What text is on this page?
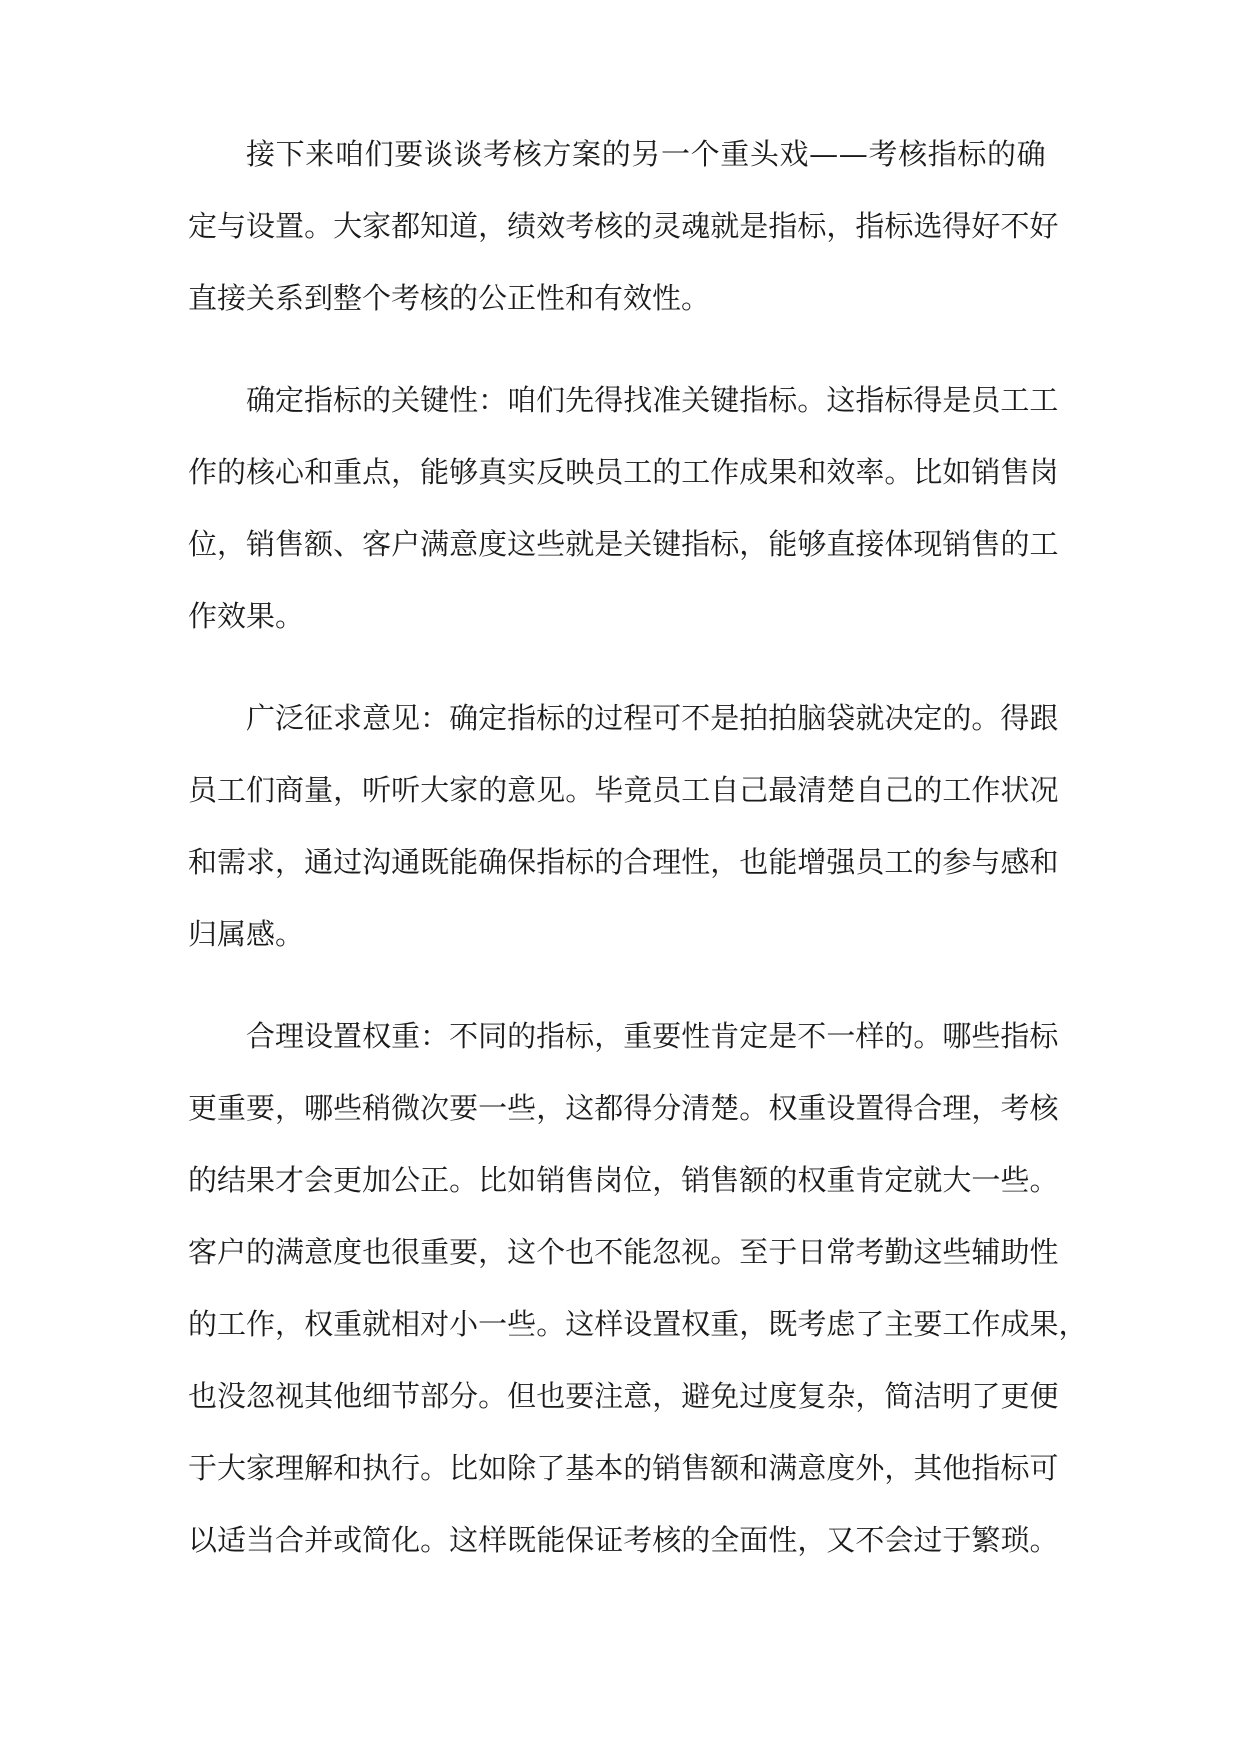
接 下 来 咱 们 要 谈 谈 考 核 方 案 的 另 一 个 重 头 戏 — — 考 核 指 标 的 确

定 与 设 置 。 大 家 都 知 道 ， 绩 效 考 核 的 灵 魂 就 是 指 标 ， 指 标 选 得 好 不 好

直接关系到整个考核的公正性和有效性。

确 定 指 标 的 关 键 性 ： 咱 们 先 得 找 准 关 键 指 标 。 这 指 标 得 是 员 工 工

作 的 核 心 和 重 点 ， 能 够 真 实 反 映 员 工 的 工 作 成 果 和 效 率 。 比 如 销 售 岗

位 ， 销 售 额 、 客 户 满 意 度 这 些 就 是 关 键 指 标 ， 能 够 直 接 体 现 销 售 的 工

作效果。

广 泛 征 求 意 见 ： 确 定 指 标 的 过 程 可 不 是 拍 拍 脑 袋 就 决 定 的 。 得 跟

员 工 们 商 量 ， 听 听 大 家 的 意 见 。 毕 竟 员 工 自 己 最 清 楚 自 己 的 工 作 状 况

和 需 求 ， 通 过 沟 通 既 能 确 保 指 标 的 合 理 性 ， 也 能 增 强 员 工 的 参 与 感 和

归属感。

合 理 设 置 权 重 ： 不 同 的 指 标 ， 重 要 性 肯 定 是 不 一 样 的 。 哪 些 指 标

更 重 要 ， 哪 些 稍 微 次 要 一 些 ， 这 都 得 分 清 楚 。 权 重 设 置 得 合 理 ， 考 核

的 结 果 才 会 更 加 公 正 。 比 如 销 售 岗 位 ， 销 售 额 的 权 重 肯 定 就 大 一 些 。

客 户 的 满 意 度 也 很 重 要 ， 这 个 也 不 能 忽 视 。 至 于 日 常 考 勤 这 些 辅 助 性

的 工 作 ， 权 重 就 相 对 小 一 些 。 这 样 设 置 权 重 ， 既 考 虑 了 主 要 工 作 成 果 ，

也 没 忽 视 其 他 细 节 部 分 。 但 也 要 注 意 ， 避 免 过 度 复 杂 ， 简 洁 明 了 更 便

于 大 家 理 解 和 执 行 。 比 如 除 了 基 本 的 销 售 额 和 满 意 度 外 ， 其 他 指 标 可

以 适 当 合 并 或 简 化 。 这 样 既 能 保 证 考 核 的 全 面 性 ， 又 不 会 过 于 繁 琐 。
